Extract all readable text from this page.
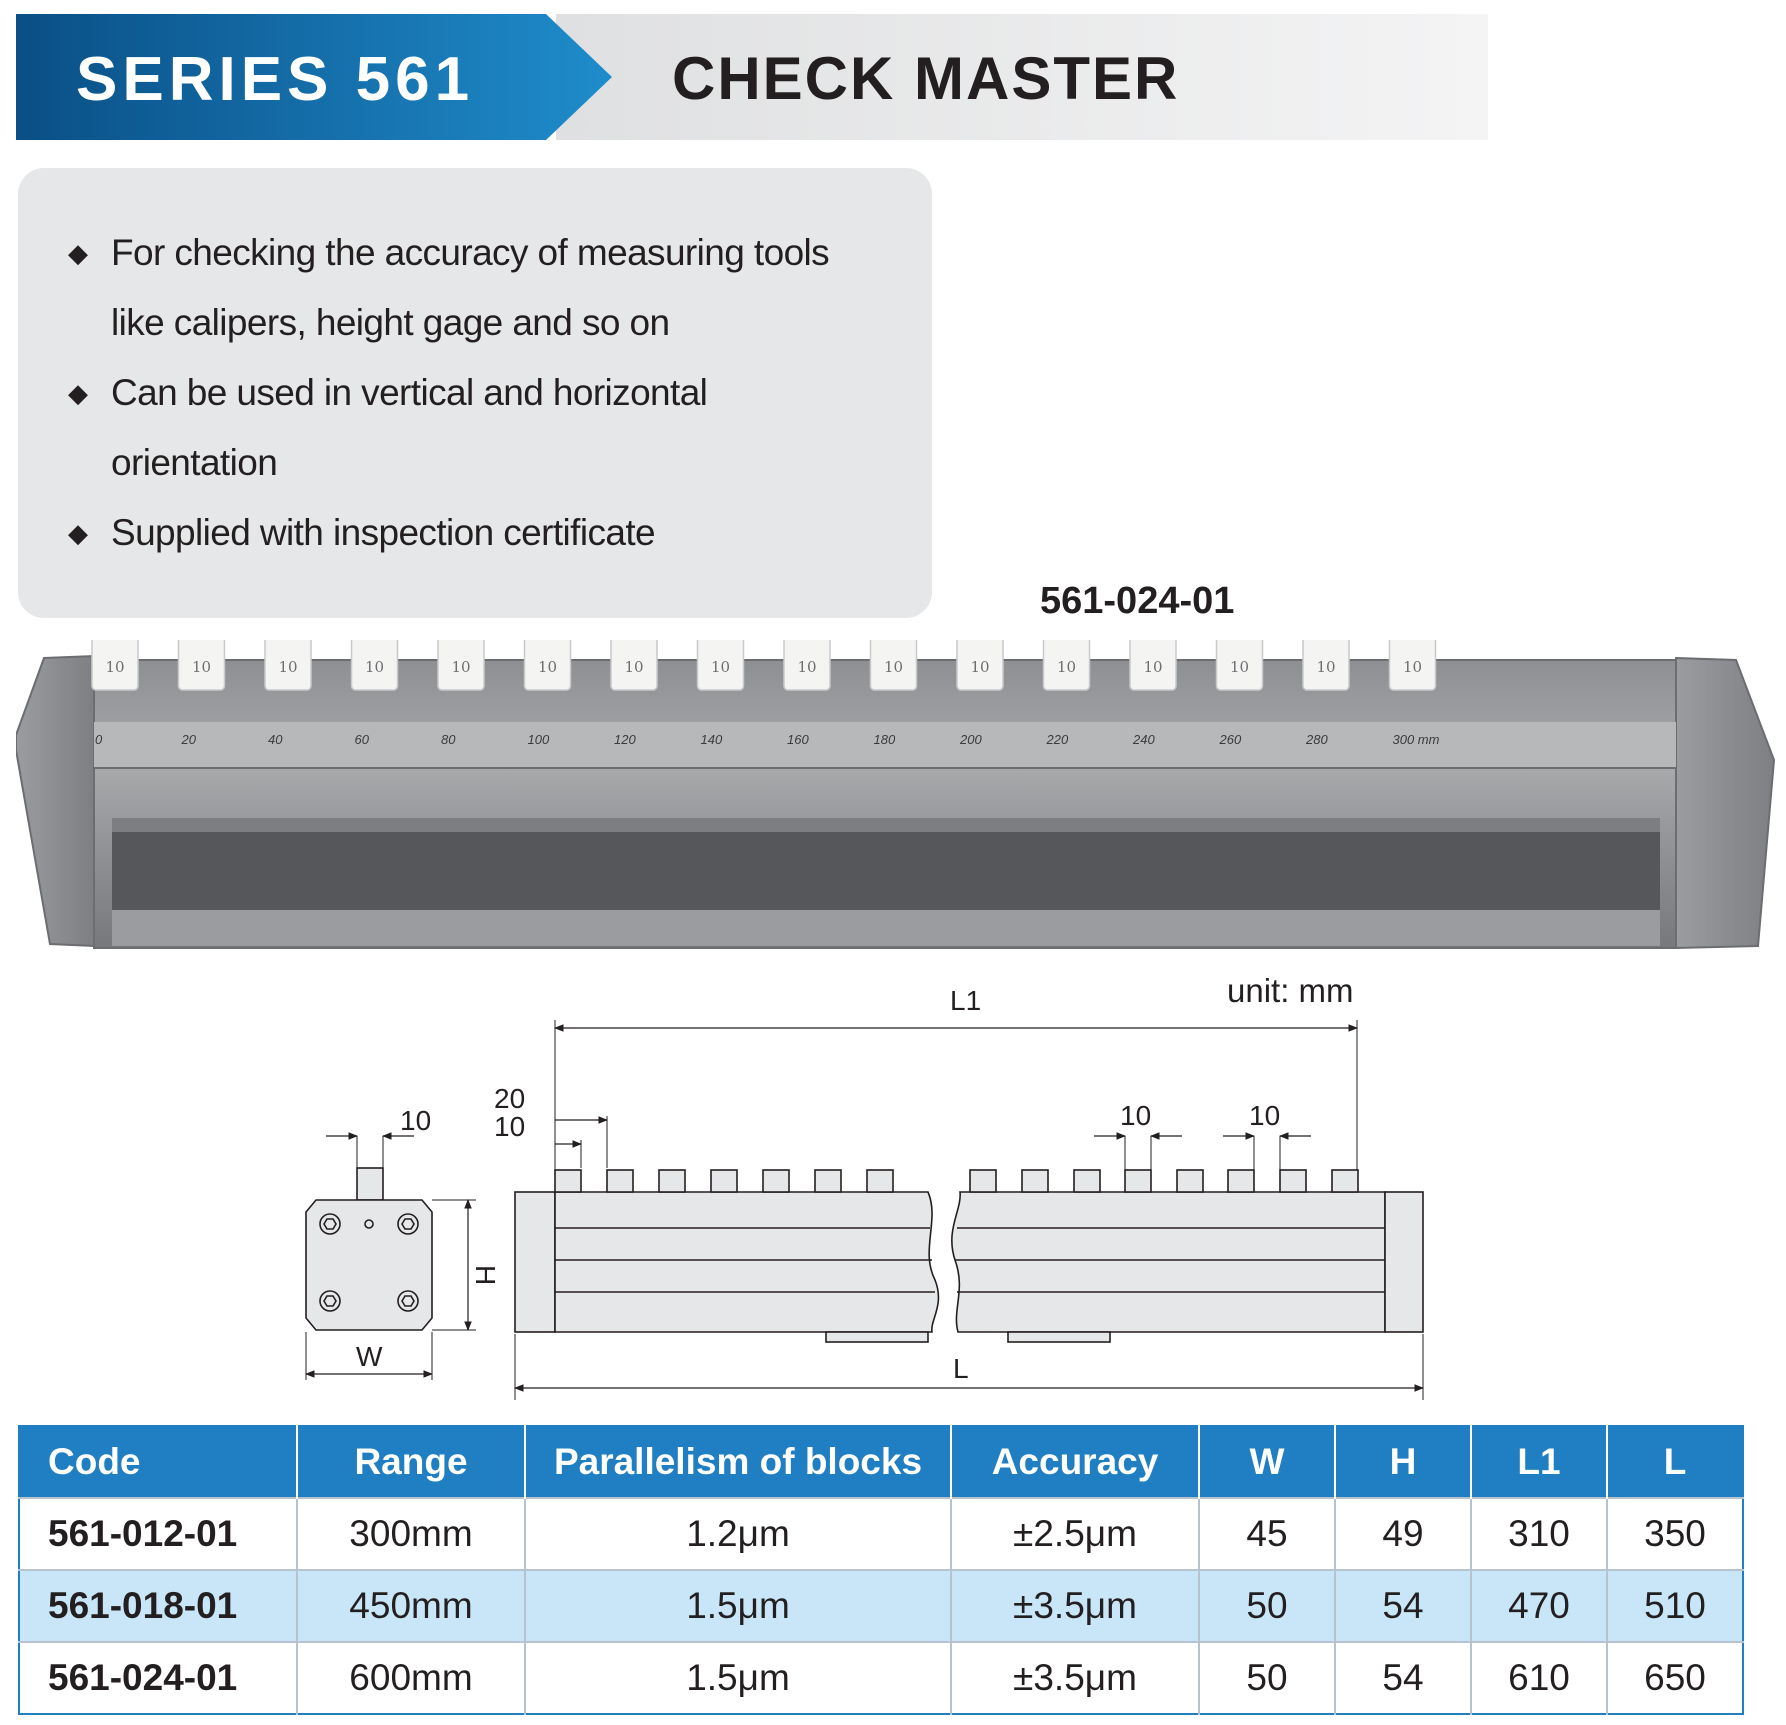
SERIES 561	CHECK MASTER
◆ For checking the accuracy of measuring tools
like calipers, height gage and so on
◆ Can be used in vertical and horizontal
orientation
◆ Supplied with inspection certificate
561-024-01
10	10	10	10	10	10	10	10	10	10	10	10	10	10	10	10
0	20	40	60	80	100	120	140	160	180	200	220	240	260	280	300 mm
unit: mm
W
H
10
L1
L
20
10	10	10
Code	Range	Parallelism of blocks	Accuracy	W	H	L1	L
561-012-01	300mm	1.2μm	±2.5μm	45	49	310	350
561-018-01	450mm	1.5μm	±3.5μm	50	54	470	510
561-024-01	600mm	1.5μm	±3.5μm	50	54	610	650
